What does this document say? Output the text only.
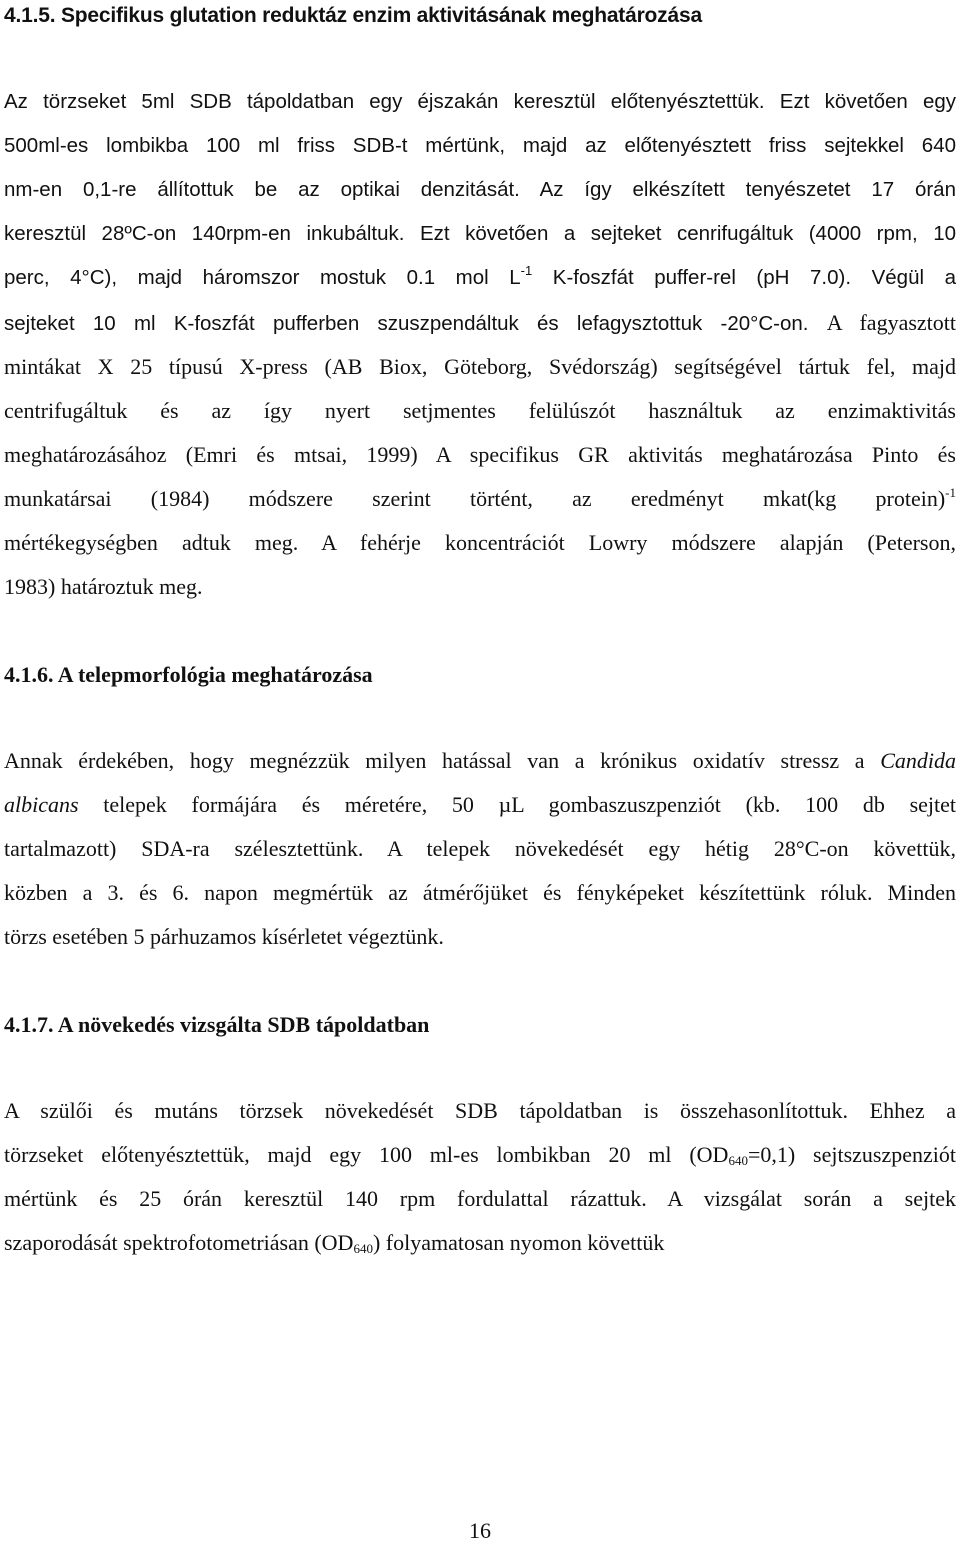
4.1.5. Specifikus glutation reduktáz enzim aktivitásának meghatározása

Az törzseket 5ml SDB tápoldatban egy éjszakán keresztül előtenyésztettük. Ezt követően egy

500ml-es lombikba 100 ml friss SDB-t mértünk, majd az előtenyésztett friss sejtekkel 640

nm-en 0,1-re állítottuk be az optikai denzitását. Az így elkészített tenyészetet 17 órán

keresztül 28ºC-on 140rpm-en inkubáltuk. Ezt követően a sejteket cenrifugáltuk (4000 rpm, 10

perc, 4°C), majd háromszor mostuk 0.1 mol $L^{-1}$ K-foszfát puffer-rel (pH 7.0). Végül a

sejteket 10 ml K-foszfát pufferben szuszpendáltuk és lefagysztottuk -20°C-on. A fagyasztott

mintákat X 25 típusú X-press (AB Biox, Göteborg, Svédország) segítségével tártuk fel, majd

centrifugáltuk és az így nyert setjmentes felülúszót használtuk az enzimaktivitás

meghatározásához (Emri és mtsai, 1999) A specifikus GR aktivitás meghatározása Pinto és

munkatársai (1984) módszere szerint történt, az eredményt mkat(kg protein)$^{-1}$

mértékegységben adtuk meg. A fehérje koncentrációt Lowry módszere alapján (Peterson,

1983) határoztuk meg.

4.1.6. A telepmorfológia meghatározása

Annak érdekében, hogy megnézzük milyen hatással van a krónikus oxidatív stressz a Candida

albicans telepek formájára és méretére, 50 µL gombaszuszpenziót (kb. 100 db sejtet

tartalmazott) SDA-ra szélesztettünk. A telepek növekedését egy hétig 28°C-on követtük,

közben a 3. és 6. napon megmértük az átmérőjüket és fényképeket készítettünk róluk. Minden

törzs esetében 5 párhuzamos kísérletet végeztünk.

4.1.7. A növekedés vizsgálta SDB tápoldatban

A szülői és mutáns törzsek növekedését SDB tápoldatban is összehasonlítottuk. Ehhez a

törzseket előtenyésztettük, majd egy 100 ml-es lombikban 20 ml $(OD_{640}=0,1)$ sejtszuszpenziót

mértünk és 25 órán keresztül 140 rpm fordulattal rázattuk. A vizsgálat során a sejtek

szaporodását spektrofotometriásan $(OD_{640})$ folyamatosan nyomon követtük

16
